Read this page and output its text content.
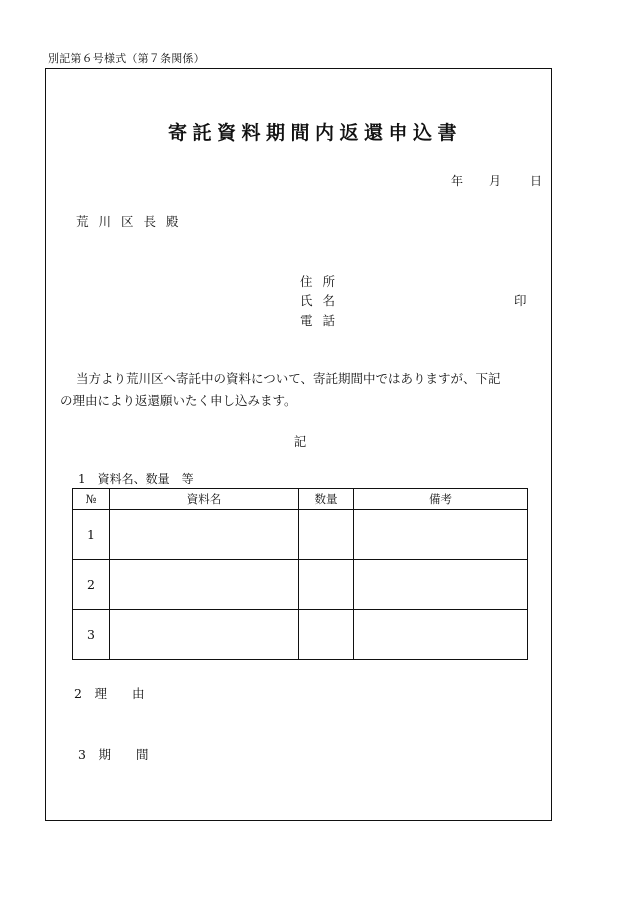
別記第６号様式（第７条関係）
寄託資料期間内返還申込書
年 月 日
荒川区長殿
住所
氏名	印
電話
当方より荒川区へ寄託中の資料について、寄託期間中ではありますが、下記
の理由により返還願いたく申し込みます。
記
1　資料名、数量　等
№	資料名	数量	備考
1			
2			
3			
2　理　　由
3　期　　間
